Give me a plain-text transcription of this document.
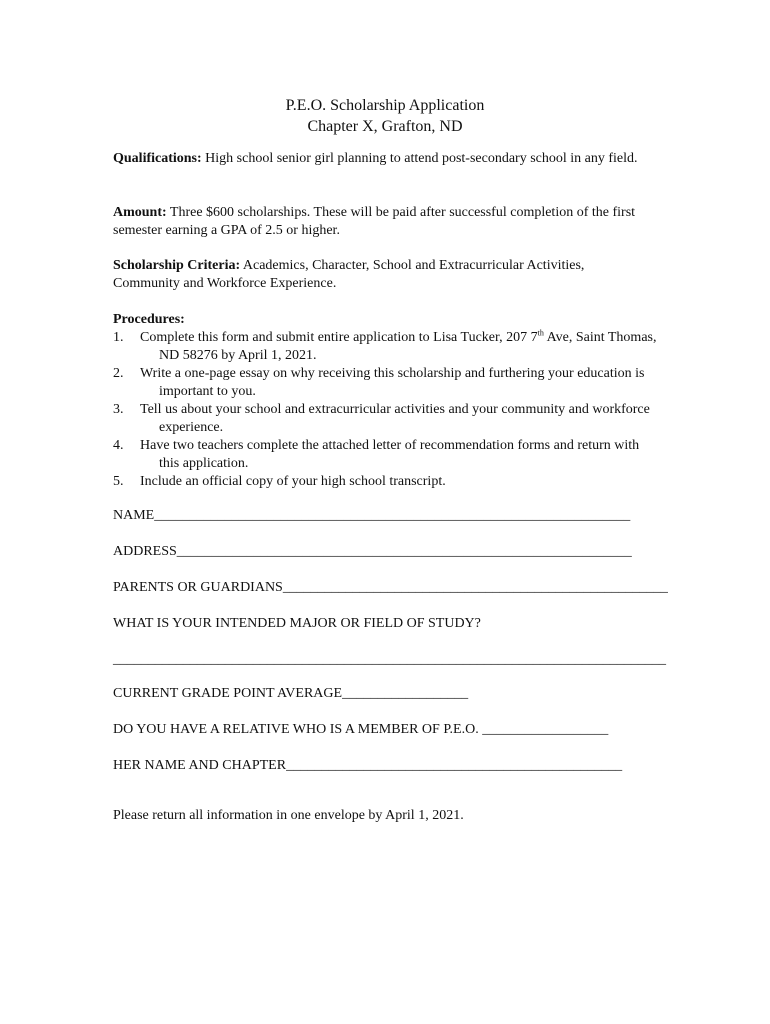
P.E.O. Scholarship Application
Chapter X, Grafton, ND
Qualifications: High school senior girl planning to attend post-secondary school in any field.
Amount: Three $600 scholarships. These will be paid after successful completion of the first semester earning a GPA of 2.5 or higher.
Scholarship Criteria: Academics, Character, School and Extracurricular Activities, Community and Workforce Experience.
Procedures:
1. Complete this form and submit entire application to Lisa Tucker, 207 7th Ave, Saint Thomas, ND 58276 by April 1, 2021.
2. Write a one-page essay on why receiving this scholarship and furthering your education is important to you.
3. Tell us about your school and extracurricular activities and your community and workforce experience.
4. Have two teachers complete the attached letter of recommendation forms and return with this application.
5. Include an official copy of your high school transcript.
NAME____________________________________________________________________
ADDRESS_________________________________________________________________
PARENTS OR GUARDIANS_______________________________________________________
WHAT IS YOUR INTENDED MAJOR OR FIELD OF STUDY?
_______________________________________________________________________________
CURRENT GRADE POINT AVERAGE__________________
DO YOU HAVE A RELATIVE WHO IS A MEMBER OF P.E.O. __________________
HER NAME AND CHAPTER________________________________________________
Please return all information in one envelope by April 1, 2021.
